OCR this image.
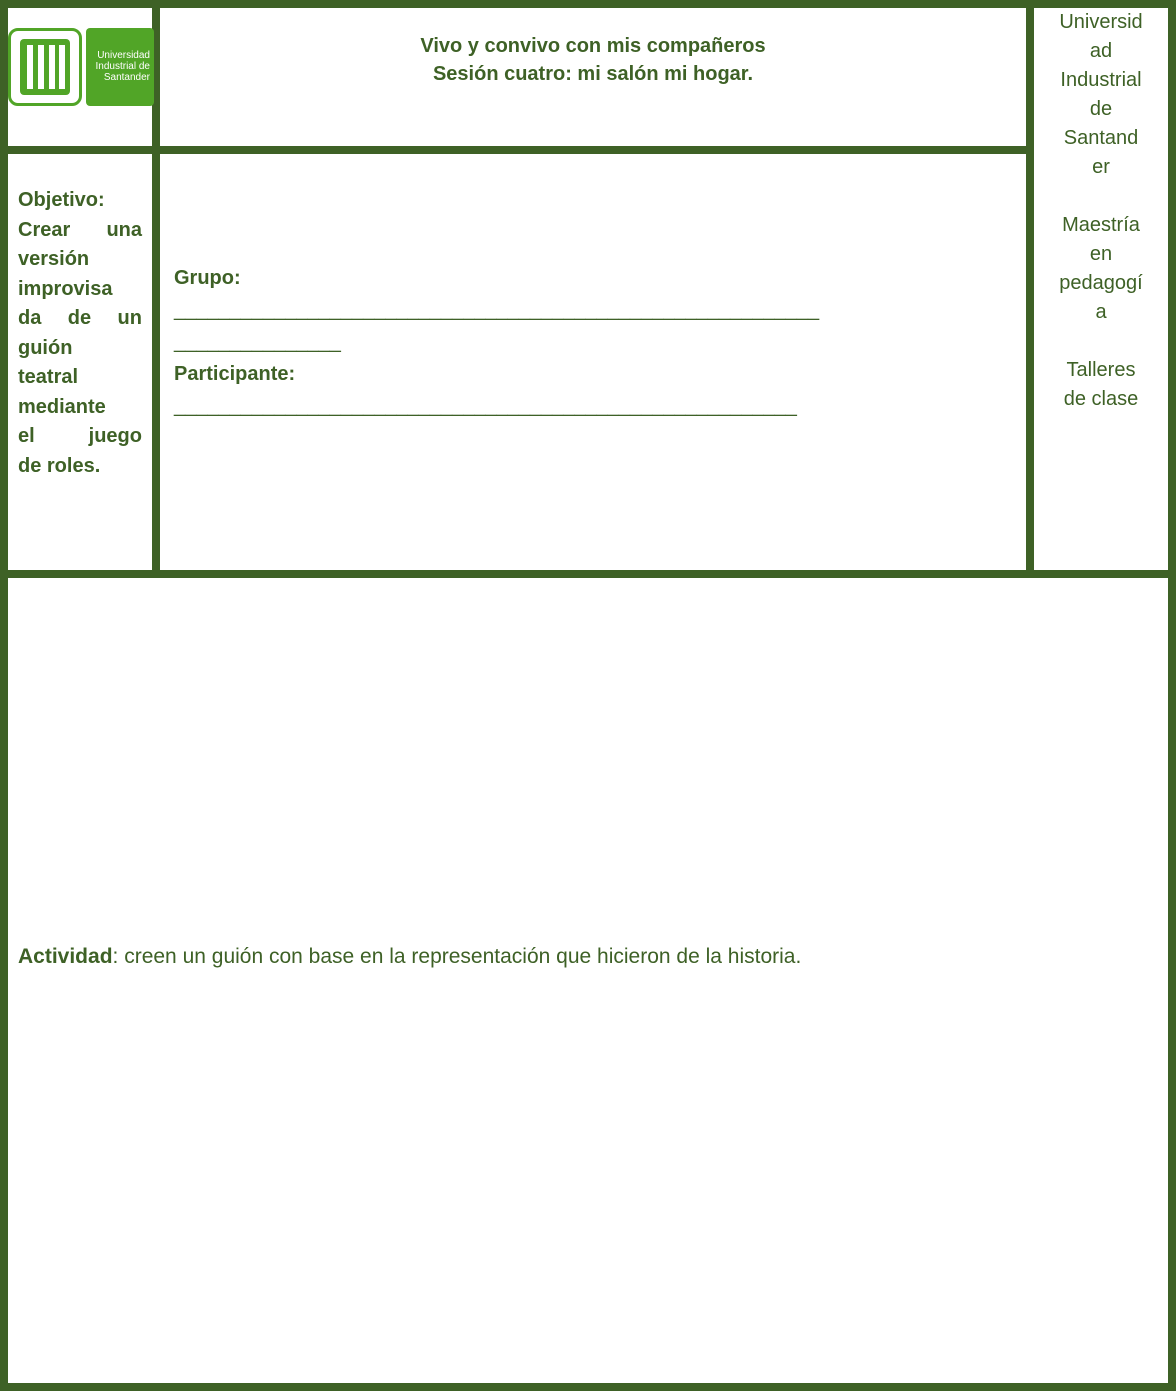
Universidad
Industrial de
Santander
Vivo y convivo con mis compañeros
Sesión cuatro: mi salón mi hogar.
Universid
ad
Industrial
de
Santand
er
Maestría
en
pedagogí
a
Talleres
de clase
Objetivo:
Crear una
versión
improvisa
da de un
guión
teatral
mediante
el juego
de roles.
Grupo:
__________________________________________________________
_______________
Participante:
________________________________________________________
Actividad: creen un guión con base en la representación que hicieron de la historia.
